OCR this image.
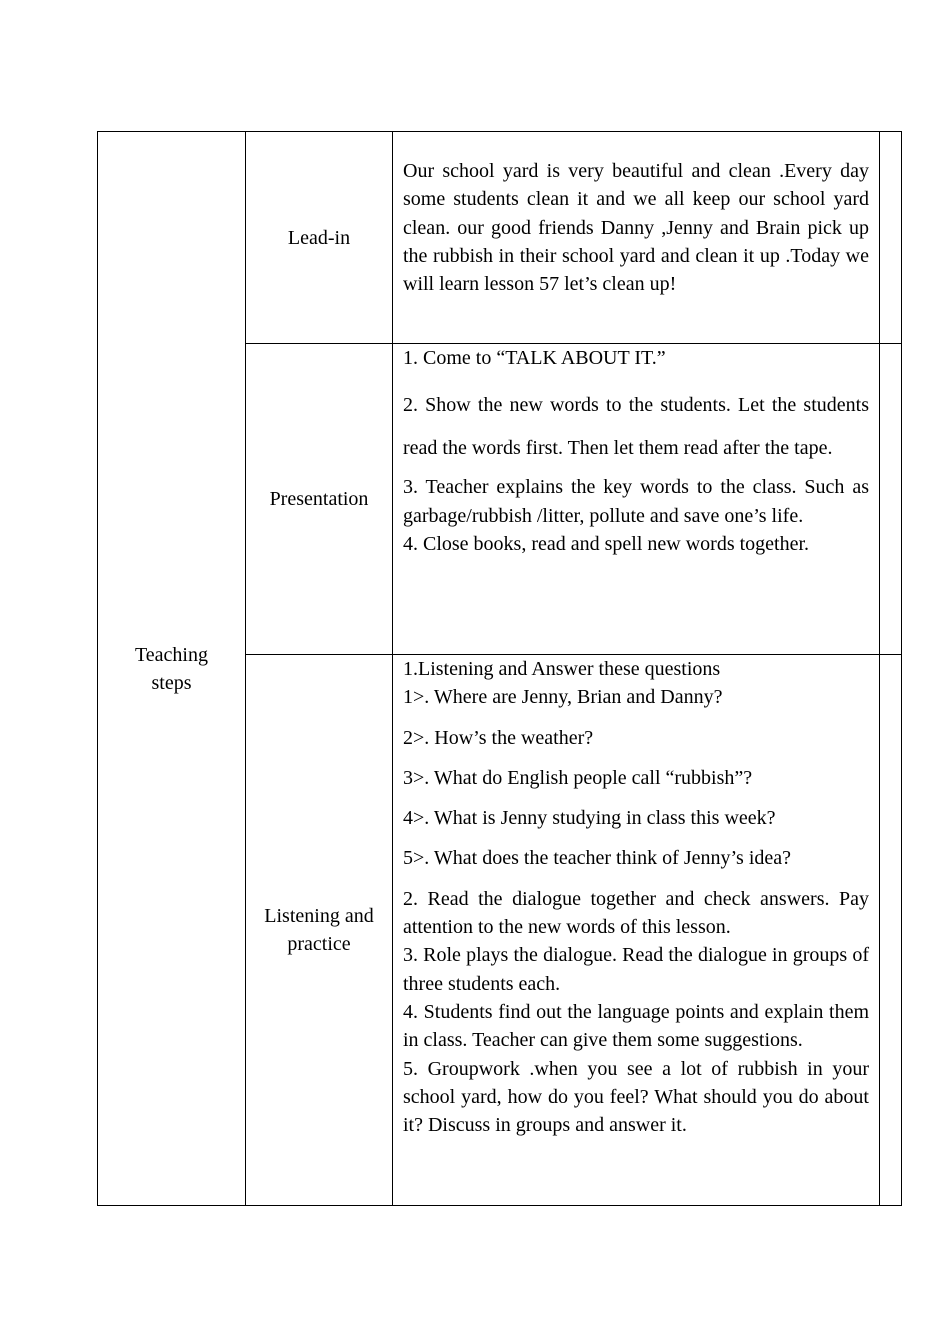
Teaching steps
Lead-in
Presentation
Listening and practice

Our school yard is very beautiful and clean .Every day some students clean it and we all keep our school yard clean. our good friends Danny ,Jenny and Brain pick up the rubbish in their school yard and clean it up .Today we will learn lesson 57 let’s clean up!

1. Come to “TALK ABOUT IT.”

2. Show the new words to the students. Let the students read the words first. Then let them read after the tape.

3. Teacher explains the key words to the class. Such as garbage/rubbish /litter, pollute and save one’s life.

4. Close books, read and spell new words together.

1.Listening and Answer these questions

1>. Where are Jenny, Brian and Danny?

2>. How’s the weather?

3>. What do English people call “rubbish”?

4>. What is Jenny studying in class this week?

5>. What does the teacher think of Jenny’s idea?

2. Read the dialogue together and check answers. Pay attention to the new words of this lesson.

3. Role plays the dialogue. Read the dialogue in groups of three students each.

4. Students find out the language points and explain them in class. Teacher can give them some suggestions.

5. Groupwork .when you see a lot of rubbish in your school yard, how do you feel? What should you do about it? Discuss in groups and answer it.
